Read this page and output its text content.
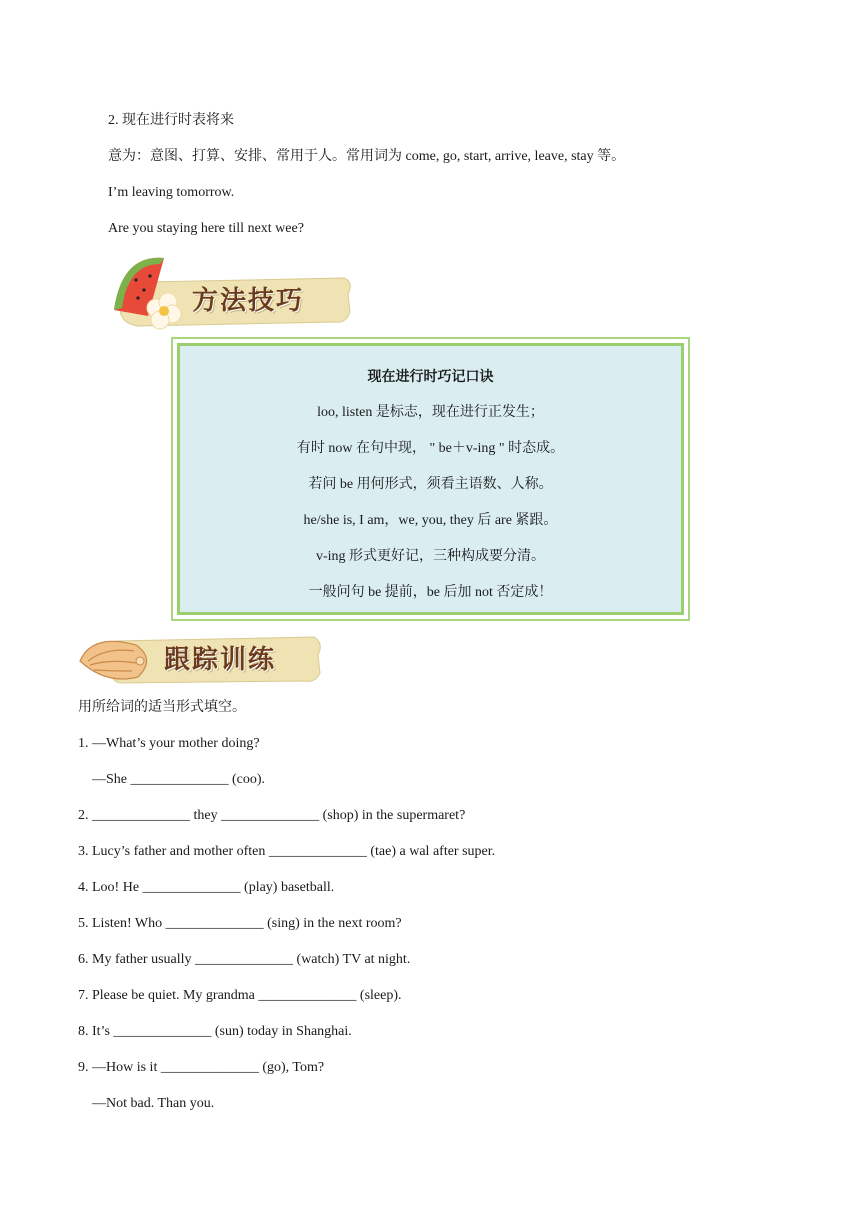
2. 现在进行时表将来
意为：意图、打算、安排、常用于人。常用词为 come, go, start, arrive, leave, stay 等。
I’m leaving tomorrow.
Are you staying here till next wee?
方法技巧
现在进行时巧记口诀
loo, listen 是标志，现在进行正发生；
有时 now 在句中现， " be＋v-ing " 时态成。
若问 be 用何形式，须看主语数、人称。
he/she is, I am，we, you, they 后 are 紧跟。
v-ing 形式更好记，三种构成要分清。
一般问句 be 提前，be 后加 not 否定成！
跟踪训练
用所给词的适当形式填空。
1. —What’s your mother doing?
—She ______________ (coo).
2. ______________ they ______________ (shop) in the supermaret?
3. Lucy’s father and mother often ______________ (tae) a wal after super.
4. Loo! He ______________ (play) basetball.
5. Listen! Who ______________ (sing) in the next room?
6. My father usually ______________ (watch) TV at night.
7. Please be quiet. My grandma ______________ (sleep).
8. It’s ______________ (sun) today in Shanghai.
9. —How is it ______________ (go), Tom?
—Not bad. Than you.
